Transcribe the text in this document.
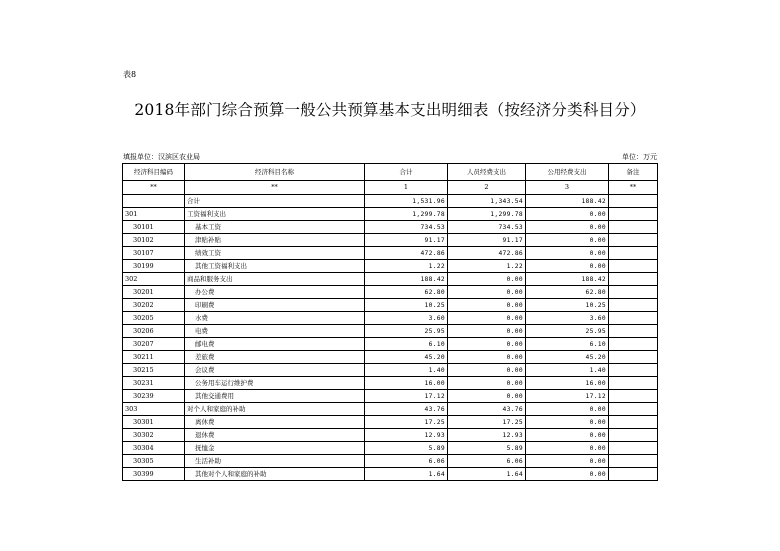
表8
2018年部门综合预算一般公共预算基本支出明细表（按经济分类科目分）
填报单位：汉滨区农业局	单位：万元
经济科目编码	经济科目名称	合计	人员经费支出	公用经费支出	备注
**	**	1	2	3	**
	合计	1,531.96	1,343.54	188.42	
301	工资福利支出	1,299.78	1,299.78	0.00	
30101	基本工资	734.53	734.53	0.00	
30102	津贴补贴	91.17	91.17	0.00	
30107	绩效工资	472.86	472.86	0.00	
30199	其他工资福利支出	1.22	1.22	0.00	
302	商品和服务支出	188.42	0.00	188.42	
30201	办公费	62.80	0.00	62.80	
30202	印刷费	10.25	0.00	10.25	
30205	水费	3.60	0.00	3.60	
30206	电费	25.95	0.00	25.95	
30207	邮电费	6.10	0.00	6.10	
30211	差旅费	45.20	0.00	45.20	
30215	会议费	1.40	0.00	1.40	
30231	公务用车运行维护费	16.00	0.00	16.00	
30239	其他交通费用	17.12	0.00	17.12	
303	对个人和家庭的补助	43.76	43.76	0.00	
30301	离休费	17.25	17.25	0.00	
30302	退休费	12.93	12.93	0.00	
30304	抚恤金	5.89	5.89	0.00	
30305	生活补助	6.06	6.06	0.00	
30399	其他对个人和家庭的补助	1.64	1.64	0.00	
